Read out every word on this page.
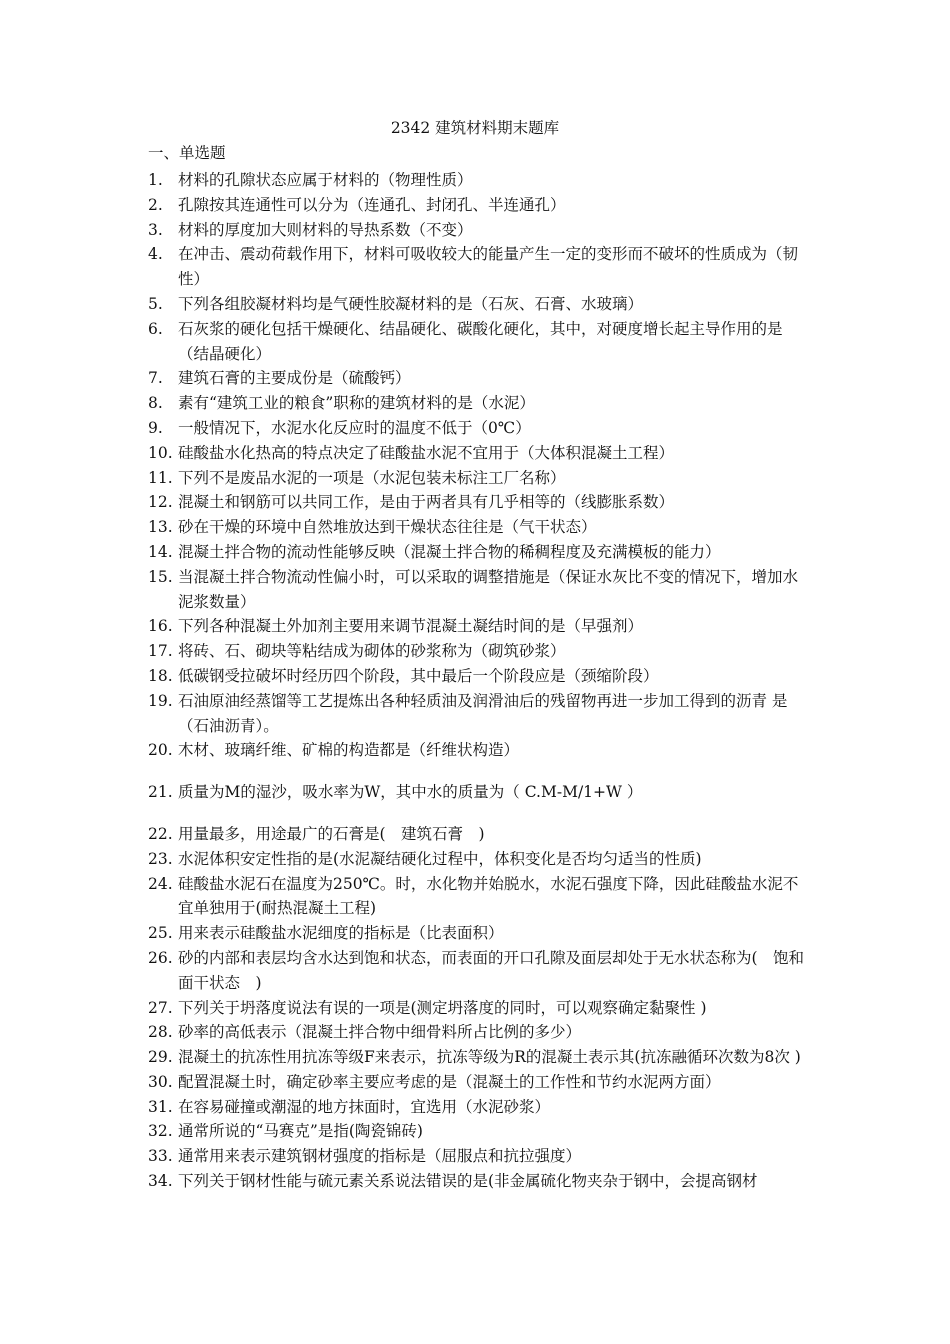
2342 建筑材料期末题库
一、单选题
1. 材料的孔隙状态应属于材料的（物理性质）
2. 孔隙按其连通性可以分为（连通孔、封闭孔、半连通孔）
3. 材料的厚度加大则材料的导热系数（不变）
4. 在冲击、震动荷载作用下，材料可吸收较大的能量产生一定的变形而不破坏的性质成为（韧性）
5. 下列各组胶凝材料均是气硬性胶凝材料的是（石灰、石膏、水玻璃）
6. 石灰浆的硬化包括干燥硬化、结晶硬化、碳酸化硬化，其中，对硬度增长起主导作用的是（结晶硬化）
7. 建筑石膏的主要成份是（硫酸钙）
8. 素有“建筑工业的粮食”职称的建筑材料的是（水泥）
9. 一般情况下，水泥水化反应时的温度不低于（0℃）
10. 硅酸盐水化热高的特点决定了硅酸盐水泥不宜用于（大体积混凝土工程）
11. 下列不是废品水泥的一项是（水泥包装未标注工厂名称）
12. 混凝土和钢筋可以共同工作，是由于两者具有几乎相等的（线膨胀系数）
13. 砂在干燥的环境中自然堆放达到干燥状态往往是（气干状态）
14. 混凝土拌合物的流动性能够反映（混凝土拌合物的稀稠程度及充满模板的能力）
15. 当混凝土拌合物流动性偏小时，可以采取的调整措施是（保证水灰比不变的情况下，增加水泥浆数量）
16. 下列各种混凝土外加剂主要用来调节混凝土凝结时间的是（早强剂）
17. 将砖、石、砌块等粘结成为砌体的砂浆称为（砌筑砂浆）
18. 低碳钢受拉破坏时经历四个阶段，其中最后一个阶段应是（颈缩阶段）
19. 石油原油经蒸馏等工艺提炼出各种轻质油及润滑油后的残留物再进一步加工得到的沥青 是（石油沥青）。
20. 木材、玻璃纤维、矿棉的构造都是（纤维状构造）
21. 质量为M的湿沙，吸水率为W，其中水的质量为（ C.M-M/1+W ）
22. 用量最多，用途最广的石膏是(　建筑石膏　)
23. 水泥体积安定性指的是(水泥凝结硬化过程中，体积变化是否均匀适当的性质)
24. 硅酸盐水泥石在温度为250℃。时，水化物并始脱水，水泥石强度下降，因此硅酸盐水泥不宜单独用于(耐热混凝土工程)
25. 用来表示硅酸盐水泥细度的指标是（比表面积）
26. 砂的内部和表层均含水达到饱和状态，而表面的开口孔隙及面层却处于无水状态称为(　饱和面干状态　)
27. 下列关于坍落度说法有误的一项是(测定坍落度的同时，可以观察确定黏聚性 )
28. 砂率的高低表示（混凝土拌合物中细骨料所占比例的多少）
29. 混凝土的抗冻性用抗冻等级F来表示，抗冻等级为R的混凝土表示其(抗冻融循环次数为8次 )
30. 配置混凝土时，确定砂率主要应考虑的是（混凝土的工作性和节约水泥两方面）
31. 在容易碰撞或潮湿的地方抹面时，宜选用（水泥砂浆）
32. 通常所说的“马赛克”是指(陶瓷锦砖)
33. 通常用来表示建筑钢材强度的指标是（屈服点和抗拉强度）
34. 下列关于钢材性能与硫元素关系说法错误的是(非金属硫化物夹杂于钢中，会提高钢材
